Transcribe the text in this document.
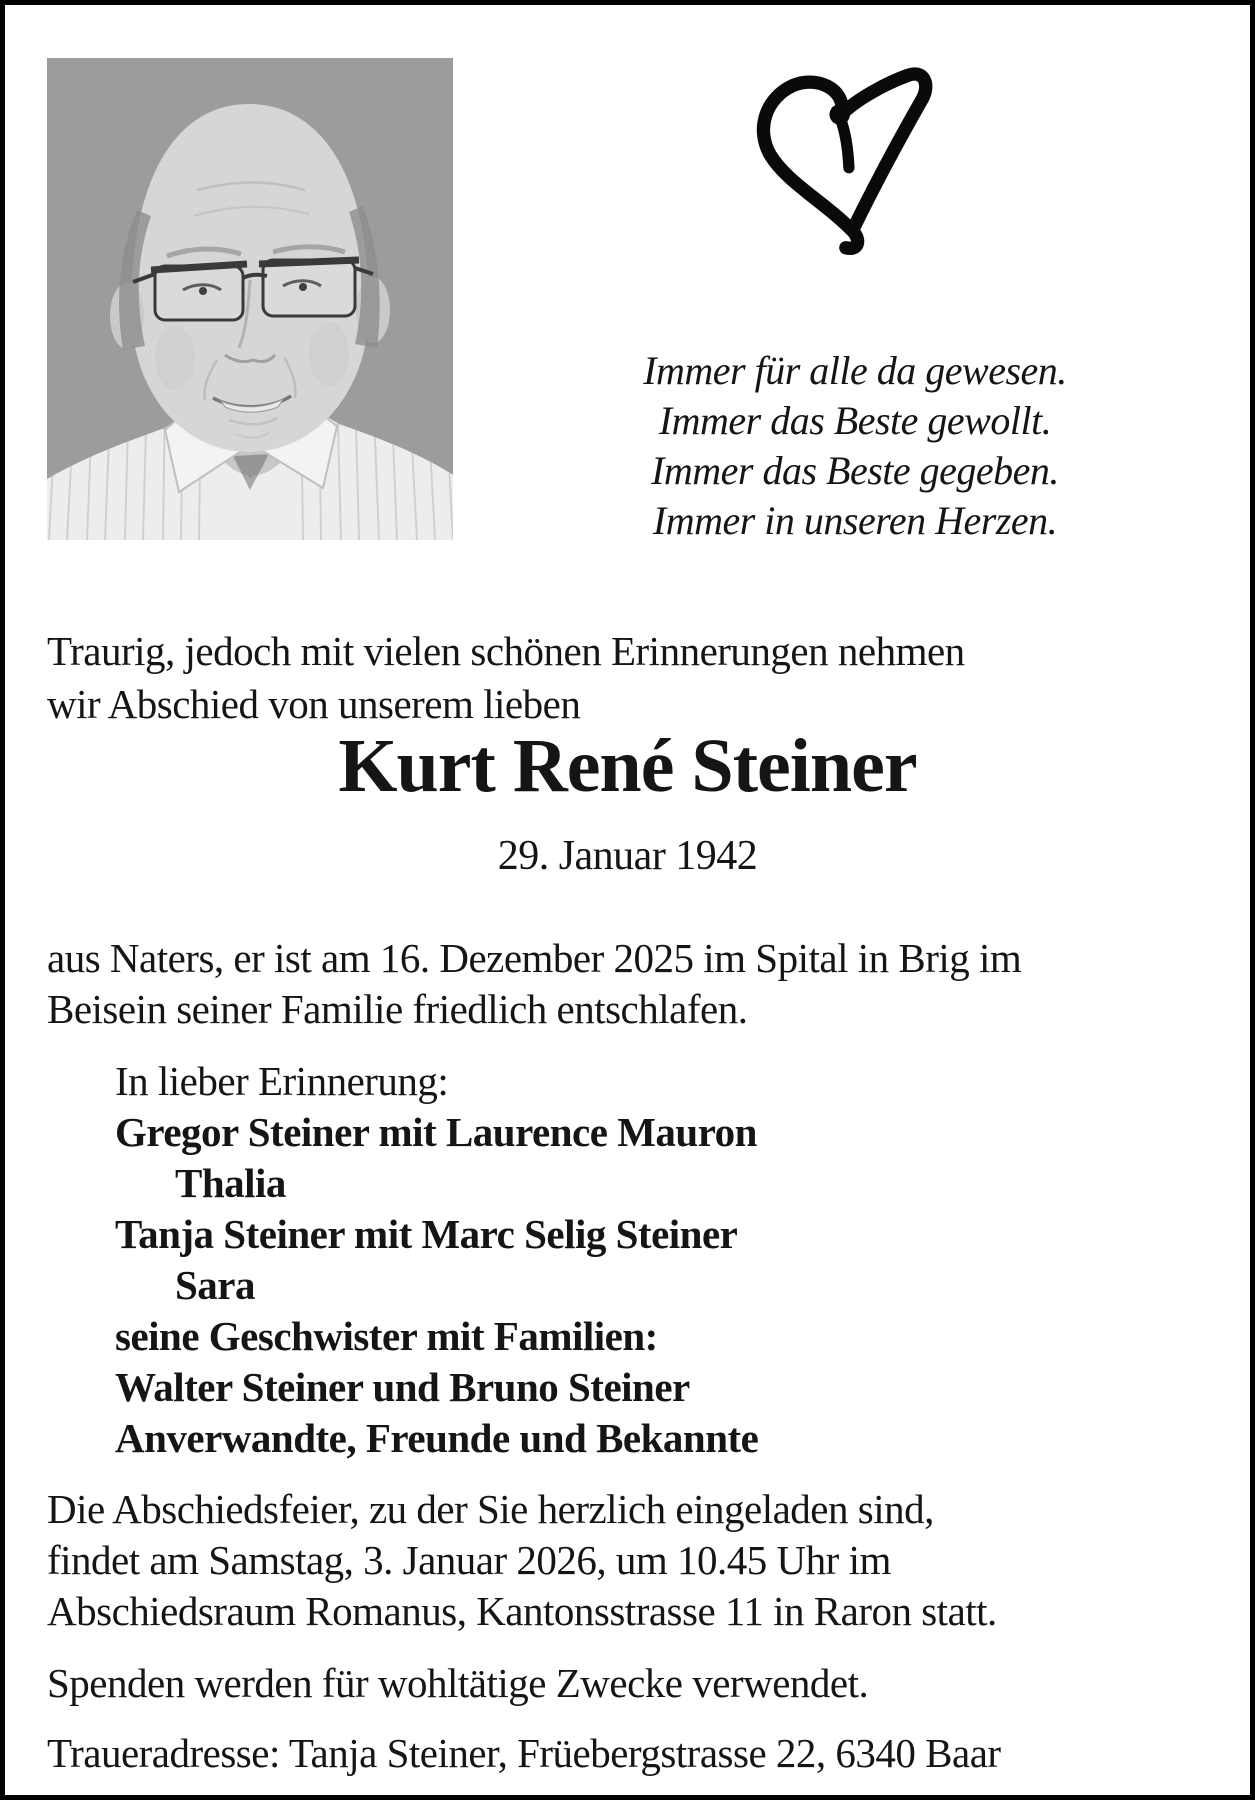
Immer für alle da gewesen.
Immer das Beste gewollt.
Immer das Beste gegeben.
Immer in unseren Herzen.
Traurig, jedoch mit vielen schönen Erinnerungen nehmen
wir Abschied von unserem lieben
Kurt René Steiner
29. Januar 1942
aus Naters, er ist am 16. Dezember 2025 im Spital in Brig im
Beisein seiner Familie friedlich entschlafen.
In lieber Erinnerung:
Gregor Steiner mit Laurence Mauron
Thalia
Tanja Steiner mit Marc Selig Steiner
Sara
seine Geschwister mit Familien:
Walter Steiner und Bruno Steiner
Anverwandte, Freunde und Bekannte
Die Abschiedsfeier, zu der Sie herzlich eingeladen sind,
findet am Samstag, 3. Januar 2026, um 10.45 Uhr im
Abschiedsraum Romanus, Kantonsstrasse 11 in Raron statt.
Spenden werden für wohltätige Zwecke verwendet.
Traueradresse: Tanja Steiner, Früebergstrasse 22, 6340 Baar
